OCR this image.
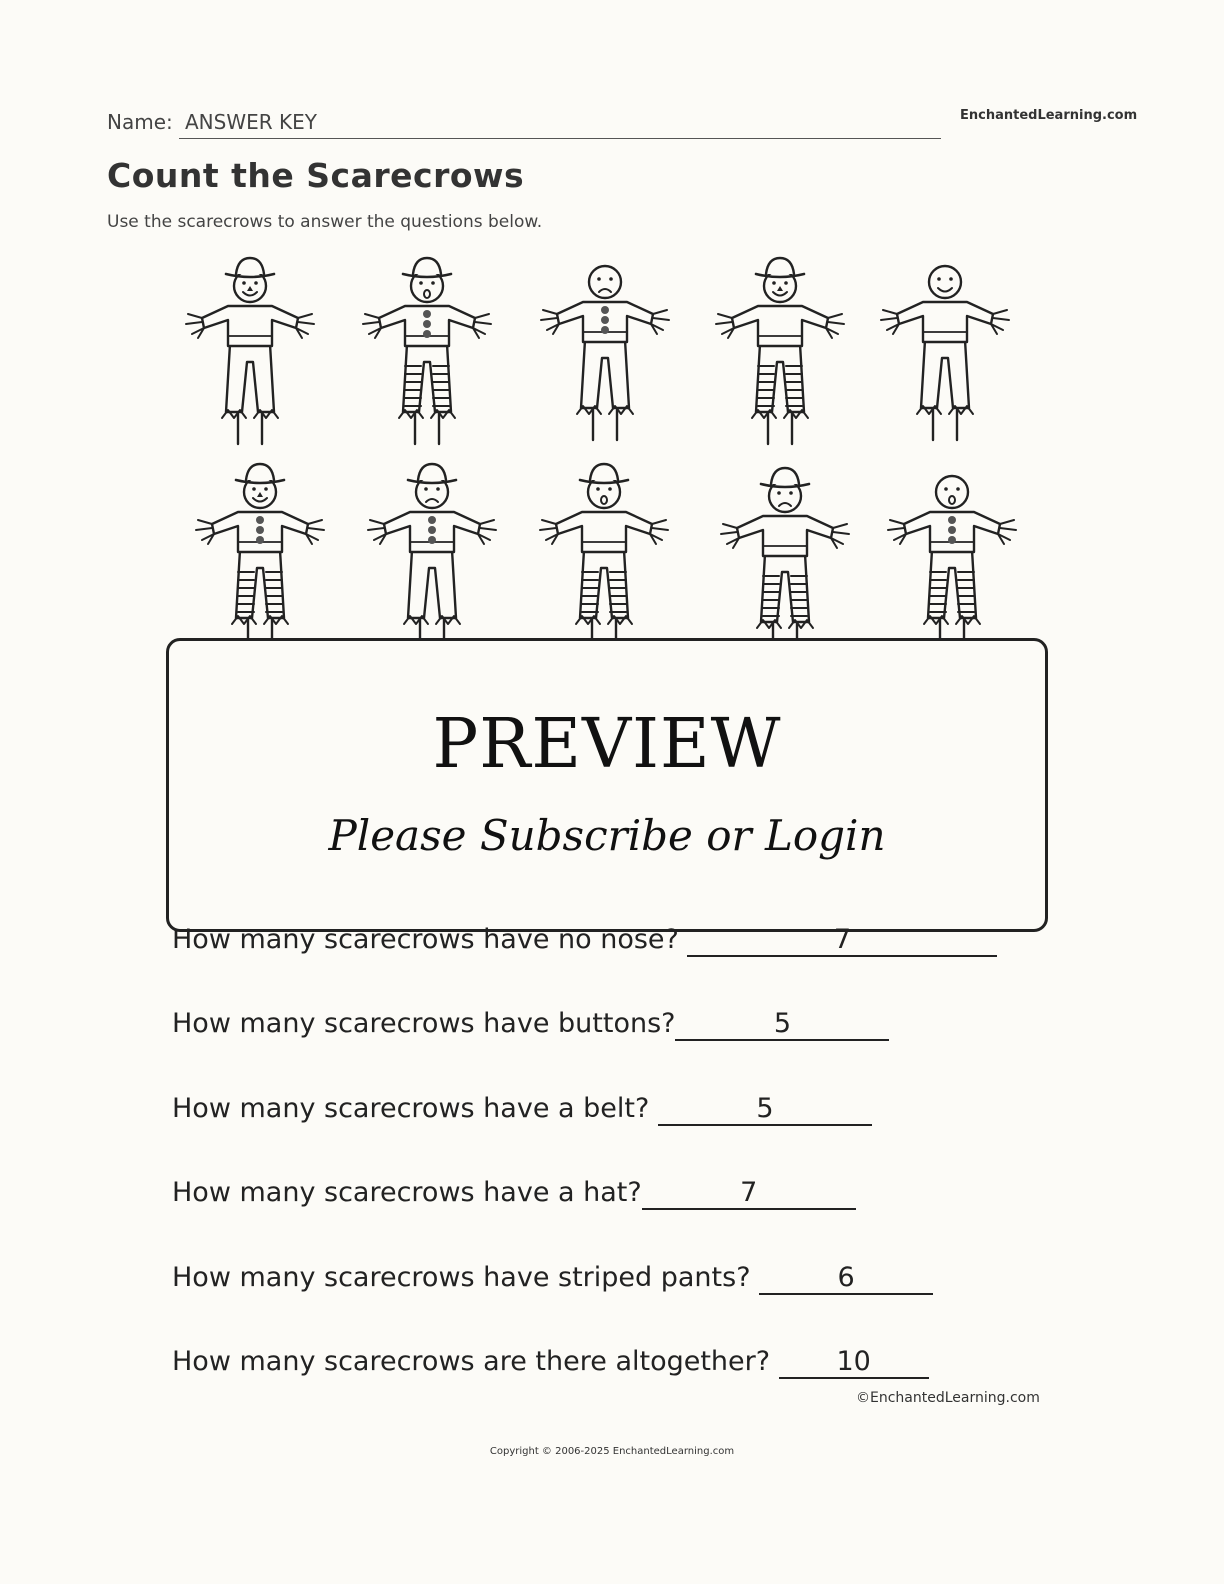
Name: ANSWER KEY	EnchantedLearning.com
Count the Scarecrows
Use the scarecrows to answer the questions below.
PREVIEW
Please Subscribe or Login
How many scarecrows have no nose?	7
How many scarecrows have buttons?	5
How many scarecrows have a belt?	5
How many scarecrows have a hat?	7
How many scarecrows have striped pants?	6
How many scarecrows are there altogether? 10
©EnchantedLearning.com
Copyright © 2006-2025 EnchantedLearning.com
